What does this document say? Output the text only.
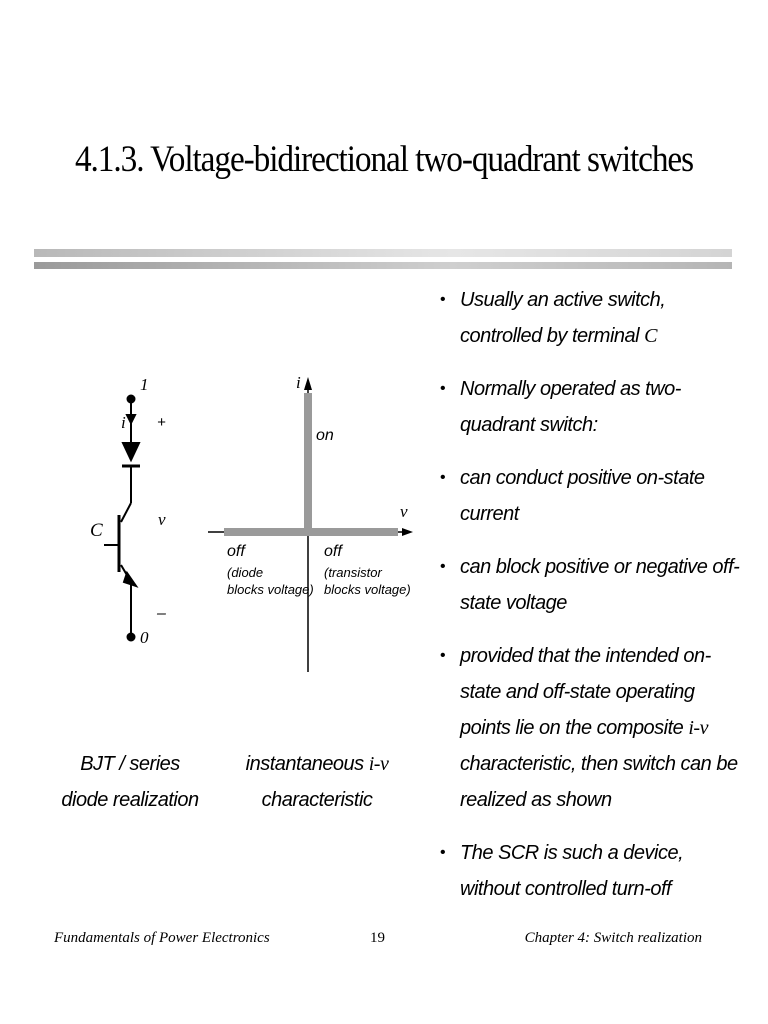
4.1.3. Voltage-bidirectional two-quadrant switches
• Usually an active switch, controlled by terminal C
• Normally operated as two-quadrant switch:
• can conduct positive on-state current
• can block positive or negative off-state voltage
• provided that the intended on-state and off-state operating points lie on the composite i-v characteristic, then switch can be realized as shown
• The SCR is such a device, without controlled turn-off
1
i +
v
C
–
0
i
v
on
off
(diode
blocks voltage)
off
(transistor
blocks voltage)
BJT / series
diode realization
instantaneous i-v
characteristic
Fundamentals of Power Electronics	19	Chapter 4: Switch realization
